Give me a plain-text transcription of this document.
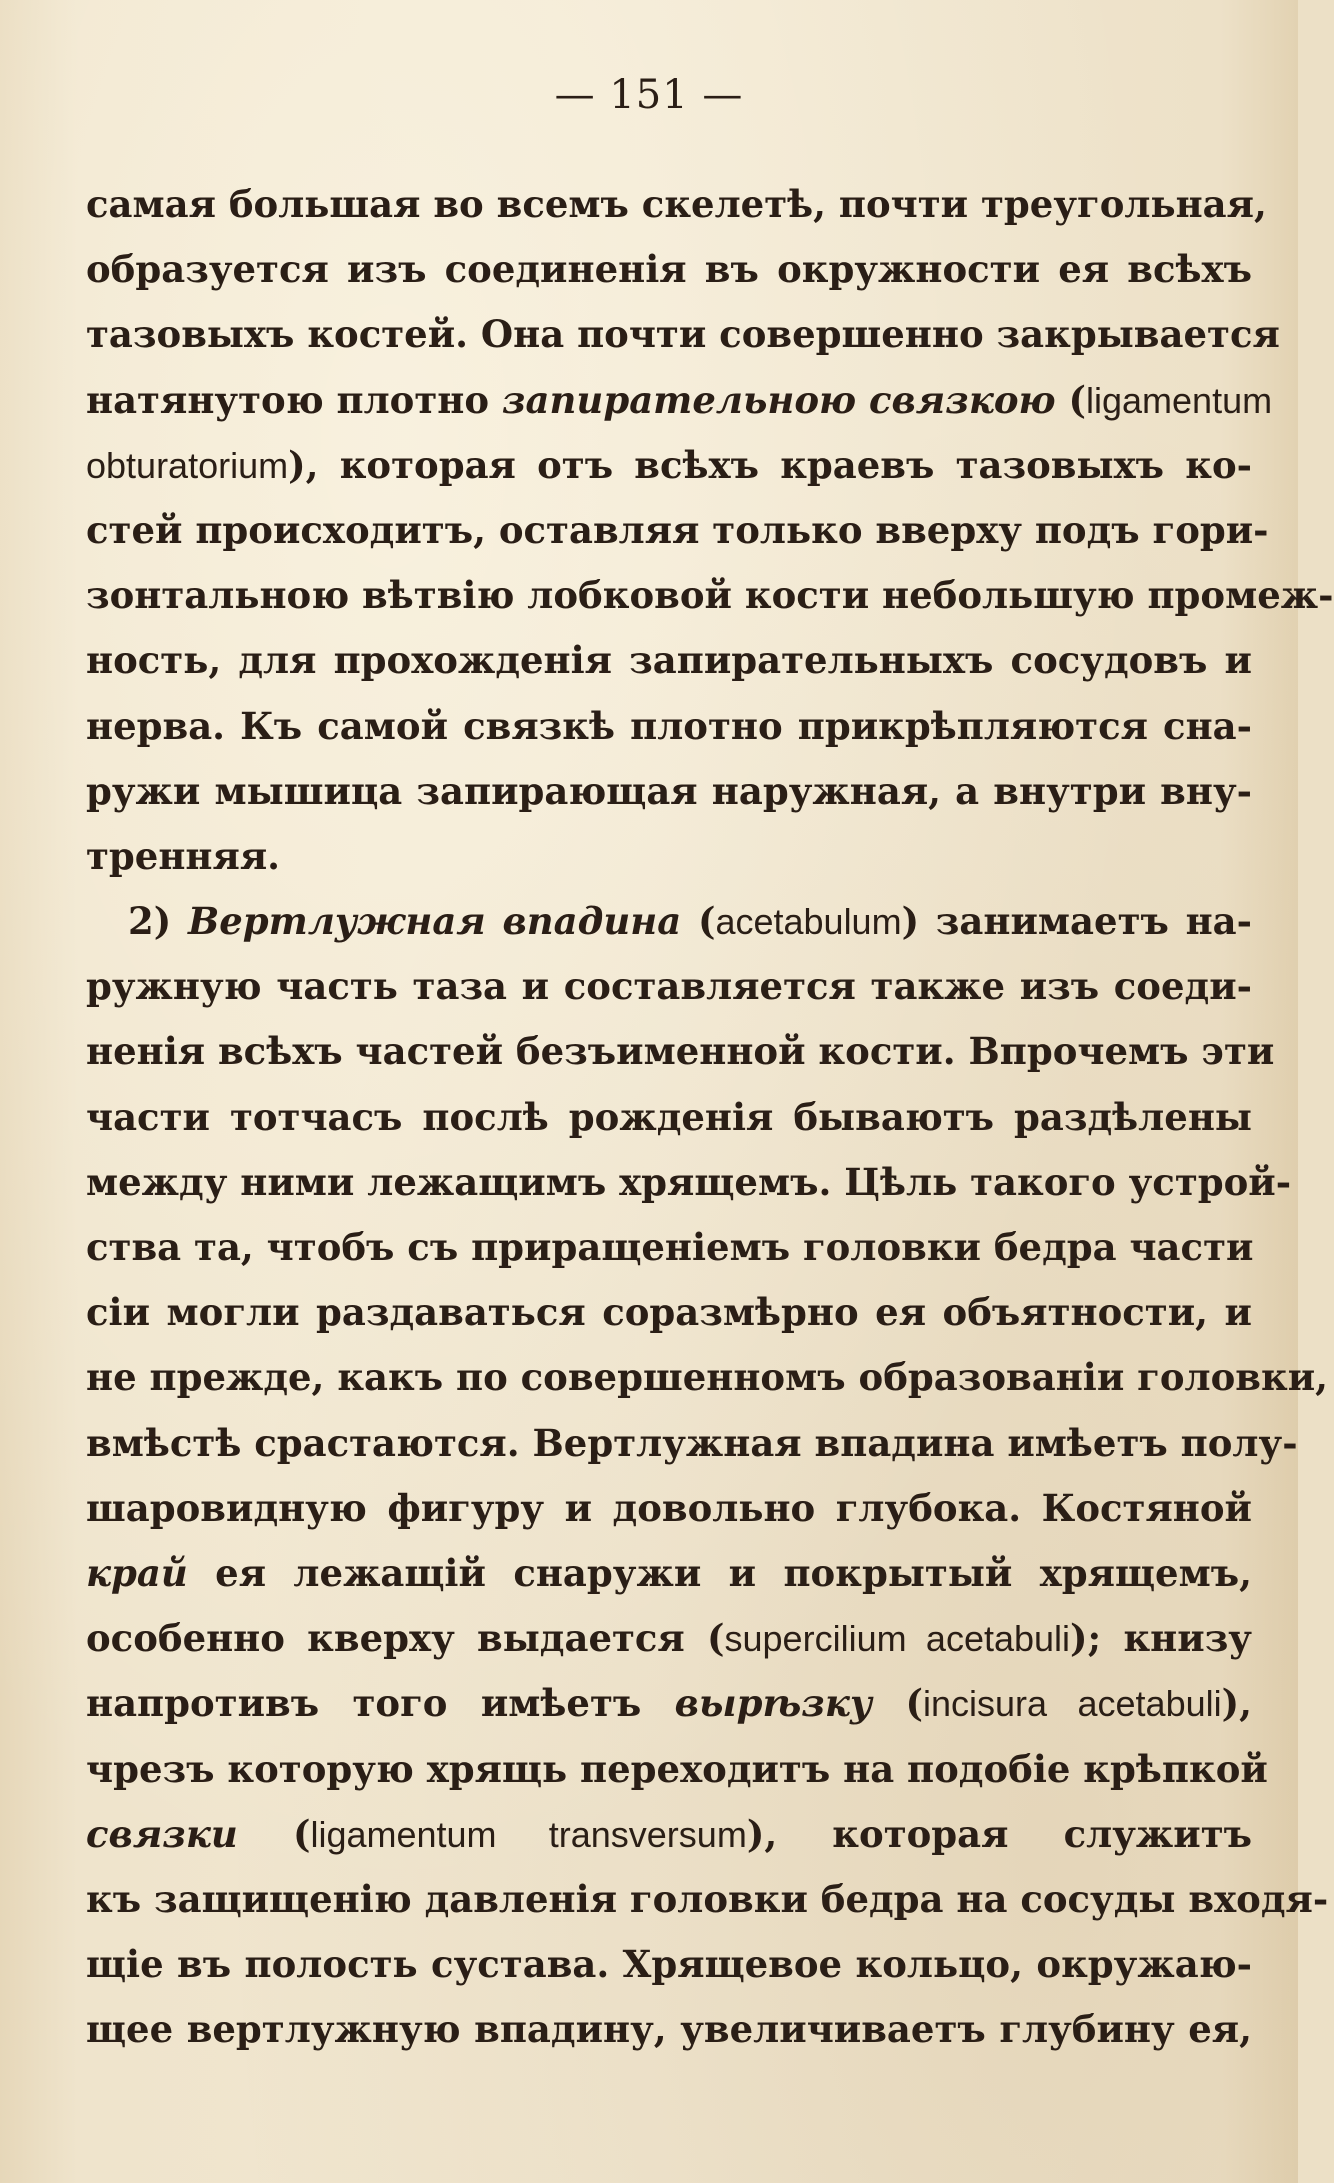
— 151 —
самая большая во всемъ скелетѣ, почти треугольная,
образуется изъ соединенія въ окружности ея всѣхъ
тазовыхъ костей. Она почти совершенно закрывается
натянутою плотно запирательною связкою (ligamentum
obturatorium), которая отъ всѣхъ краевъ тазовыхъ ко-
стей происходитъ, оставляя только вверху подъ гори-
зонтальною вѣтвію лобковой кости небольшую промеж-
ность, для прохожденія запирательныхъ сосудовъ и
нерва. Къ самой связкѣ плотно прикрѣпляются сна-
ружи мышица запирающая наружная, а внутри вну-
тренняя.
2) Вертлужная впадина (acetabulum) занимаетъ на-
ружную часть таза и составляется также изъ соеди-
ненія всѣхъ частей безъименной кости. Впрочемъ эти
части тотчасъ послѣ рожденія бываютъ раздѣлены
между ними лежащимъ хрящемъ. Цѣль такого устрой-
ства та, чтобъ съ приращеніемъ головки бедра части
сіи могли раздаваться соразмѣрно ея объятности, и
не прежде, какъ по совершенномъ образованіи головки,
вмѣстѣ срастаются. Вертлужная впадина имѣетъ полу-
шаровидную фигуру и довольно глубока. Костяной
край ея лежащій снаружи и покрытый хрящемъ,
особенно кверху выдается (supercilium acetabuli); книзу
напротивъ того имѣетъ вырѣзку (incisura acetabuli),
чрезъ которую хрящь переходитъ на подобіе крѣпкой
связки (ligamentum transversum), которая служитъ
къ защищенію давленія головки бедра на сосуды входя-
щіе въ полость сустава. Хрящевое кольцо, окружаю-
щее вертлужную впадину, увеличиваетъ глубину ея,
